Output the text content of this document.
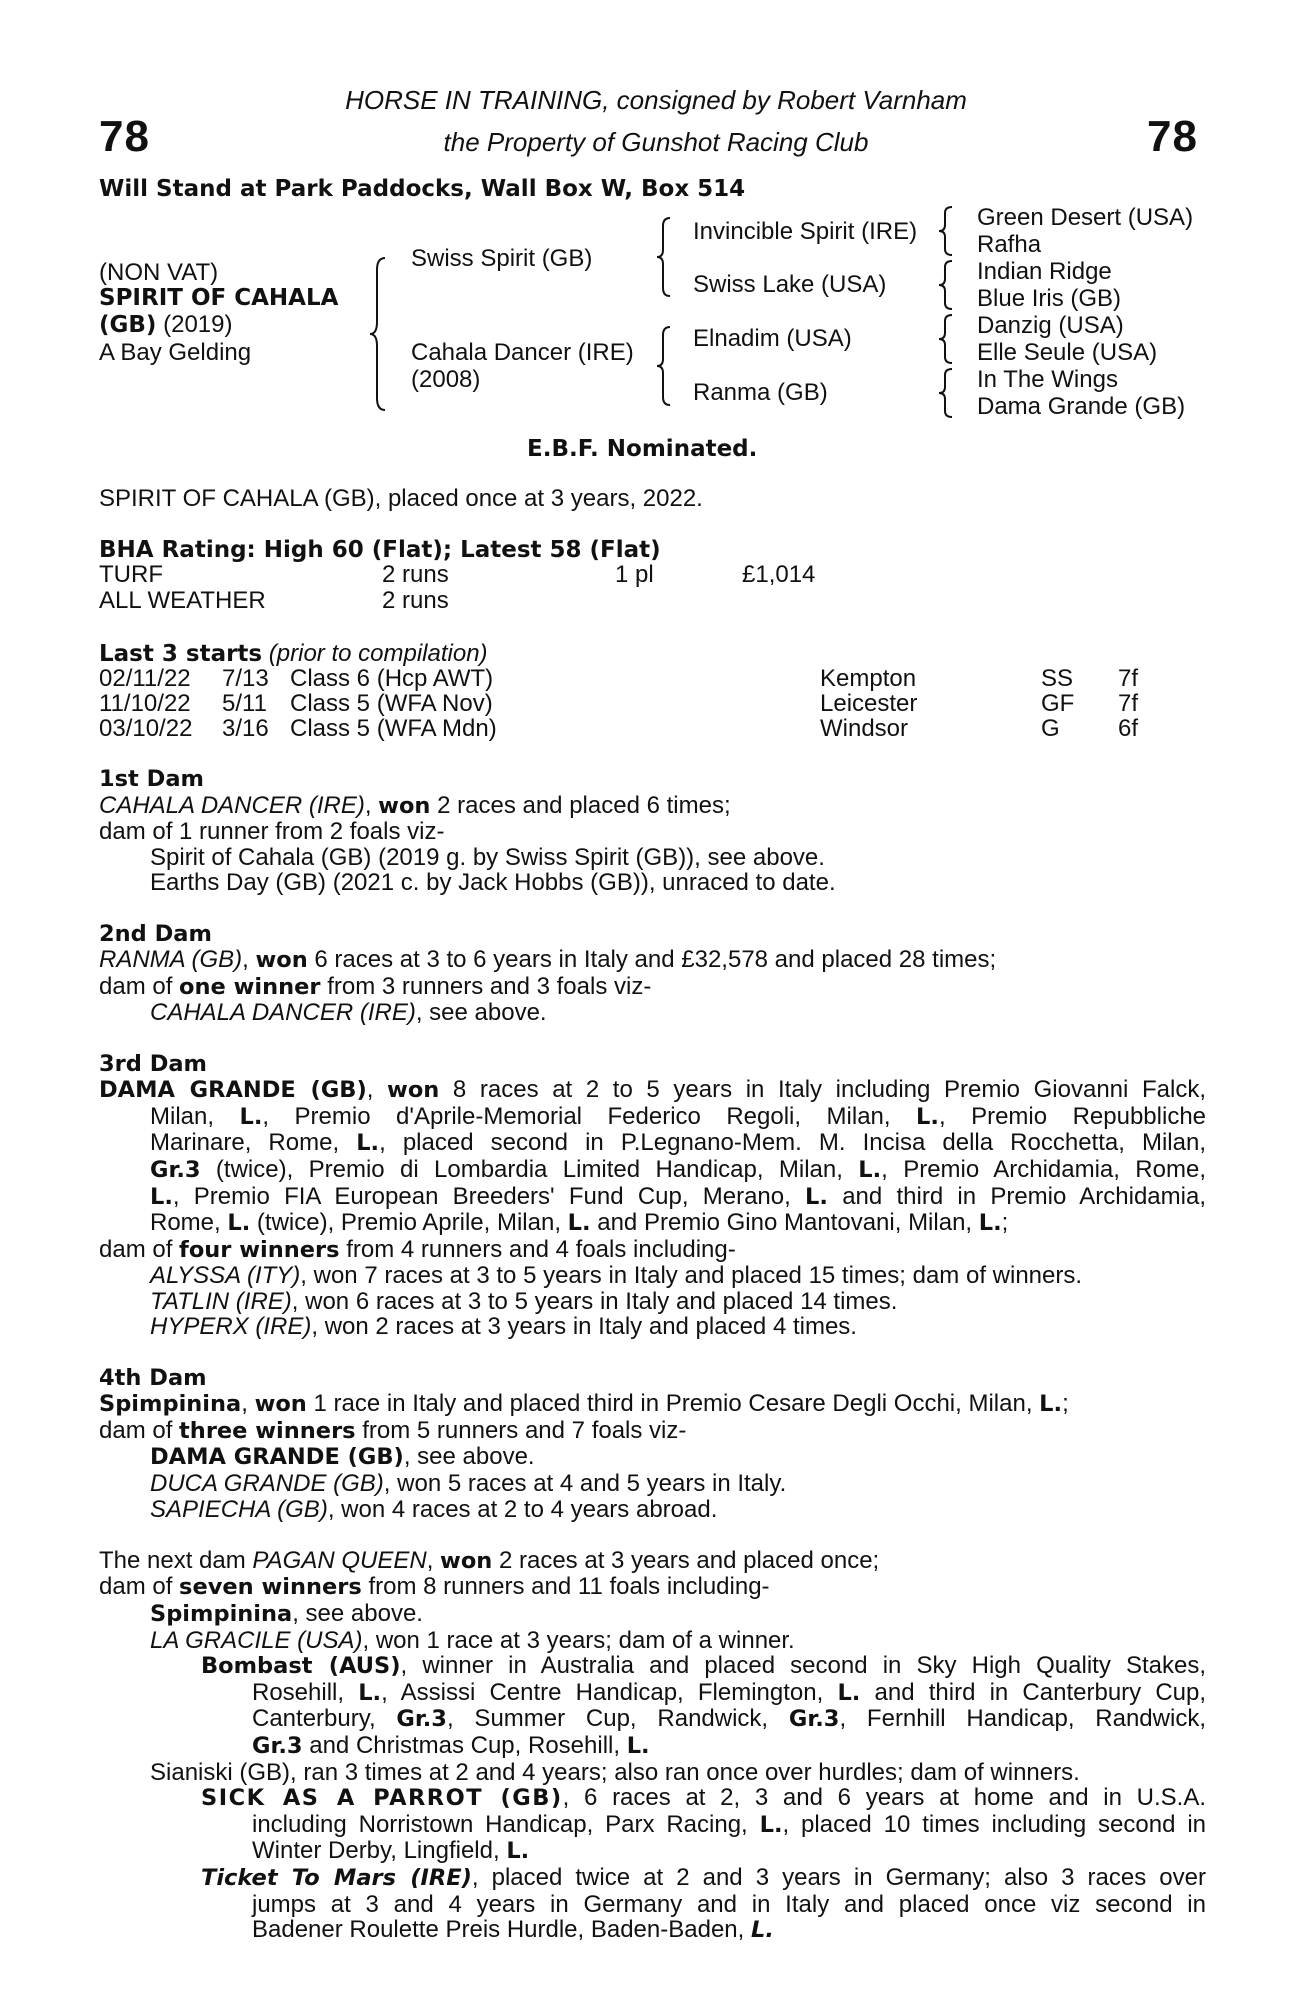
78	78
HORSE IN TRAINING, consigned by Robert Varnham
the Property of Gunshot Racing Club
Will Stand at Park Paddocks, Wall Box W, Box 514
(NON VAT)
SPIRIT OF CAHALA
(GB) (2019)
A Bay Gelding
Swiss Spirit (GB)
Cahala Dancer (IRE)
(2008)
Invincible Spirit (IRE)
Swiss Lake (USA)
Elnadim (USA)
Ranma (GB)
Green Desert (USA)
Rafha
Indian Ridge
Blue Iris (GB)
Danzig (USA)
Elle Seule (USA)
In The Wings
Dama Grande (GB)
E.B.F. Nominated.
SPIRIT OF CAHALA (GB), placed once at 3 years, 2022.
BHA Rating: High 60 (Flat); Latest 58 (Flat)
TURF	2 runs	1 pl	£1,014
ALL WEATHER	2 runs
Last 3 starts (prior to compilation)
02/11/22 7/13 Class 6 (Hcp AWT)	Kempton	SS 7f
11/10/22 5/11 Class 5 (WFA Nov)	Leicester	GF 7f
03/10/22 3/16 Class 5 (WFA Mdn)	Windsor	G 6f
1st Dam
CAHALA DANCER (IRE), won 2 races and placed 6 times;
dam of 1 runner from 2 foals viz-
Spirit of Cahala (GB) (2019 g. by Swiss Spirit (GB)), see above.
Earths Day (GB) (2021 c. by Jack Hobbs (GB)), unraced to date.
2nd Dam
RANMA (GB), won 6 races at 3 to 6 years in Italy and £32,578 and placed 28 times;
dam of one winner from 3 runners and 3 foals viz-
CAHALA DANCER (IRE), see above.
3rd Dam
DAMA GRANDE (GB), won 8 races at 2 to 5 years in Italy including Premio Giovanni Falck,
Milan, L., Premio d'Aprile-Memorial Federico Regoli, Milan, L., Premio Repubbliche
Marinare, Rome, L., placed second in P.Legnano-Mem. M. Incisa della Rocchetta, Milan,
Gr.3 (twice), Premio di Lombardia Limited Handicap, Milan, L., Premio Archidamia, Rome,
L., Premio FIA European Breeders' Fund Cup, Merano, L. and third in Premio Archidamia,
Rome, L. (twice), Premio Aprile, Milan, L. and Premio Gino Mantovani, Milan, L.;
dam of four winners from 4 runners and 4 foals including-
ALYSSA (ITY), won 7 races at 3 to 5 years in Italy and placed 15 times; dam of winners.
TATLIN (IRE), won 6 races at 3 to 5 years in Italy and placed 14 times.
HYPERX (IRE), won 2 races at 3 years in Italy and placed 4 times.
4th Dam
Spimpinina, won 1 race in Italy and placed third in Premio Cesare Degli Occhi, Milan, L.;
dam of three winners from 5 runners and 7 foals viz-
DAMA GRANDE (GB), see above.
DUCA GRANDE (GB), won 5 races at 4 and 5 years in Italy.
SAPIECHA (GB), won 4 races at 2 to 4 years abroad.
The next dam PAGAN QUEEN, won 2 races at 3 years and placed once;
dam of seven winners from 8 runners and 11 foals including-
Spimpinina, see above.
LA GRACILE (USA), won 1 race at 3 years; dam of a winner.
Bombast (AUS), winner in Australia and placed second in Sky High Quality Stakes,
Rosehill, L., Assissi Centre Handicap, Flemington, L. and third in Canterbury Cup,
Canterbury, Gr.3, Summer Cup, Randwick, Gr.3, Fernhill Handicap, Randwick,
Gr.3 and Christmas Cup, Rosehill, L.
Sianiski (GB), ran 3 times at 2 and 4 years; also ran once over hurdles; dam of winners.
SICK AS A PARROT (GB), 6 races at 2, 3 and 6 years at home and in U.S.A.
including Norristown Handicap, Parx Racing, L., placed 10 times including second in
Winter Derby, Lingfield, L.
Ticket To Mars (IRE), placed twice at 2 and 3 years in Germany; also 3 races over
jumps at 3 and 4 years in Germany and in Italy and placed once viz second in
Badener Roulette Preis Hurdle, Baden-Baden, L.
